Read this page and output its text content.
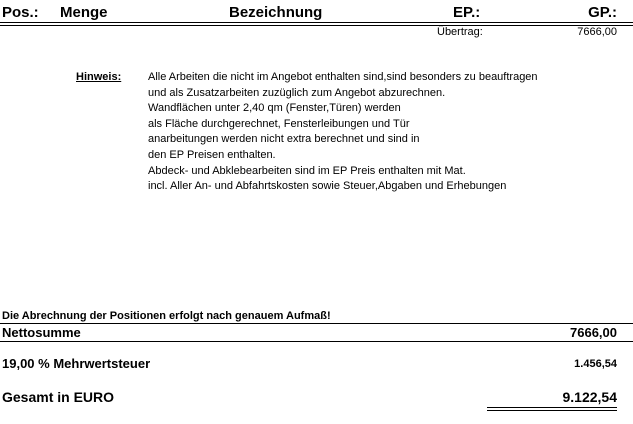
Pos.: Menge	Bezeichnung	EP.:	GP.:
Übertrag:	7666,00
Hinweis: Alle Arbeiten die nicht im Angebot enthalten sind,sind besonders zu beauftragen
und als Zusatzarbeiten zuzüglich zum Angebot abzurechnen.
Wandflächen unter 2,40 qm (Fenster,Türen) werden
als Fläche durchgerechnet, Fensterleibungen und Tür
anarbeitungen werden nicht extra berechnet und sind in
den EP Preisen enthalten.
Abdeck- und Abklebearbeiten sind im EP Preis enthalten mit Mat.
incl. Aller An- und Abfahrtskosten sowie Steuer,Abgaben und Erhebungen
Die Abrechnung der Positionen erfolgt nach genauem Aufmaß!
Nettosumme	7666,00
19,00 % Mehrwertsteuer	1.456,54
Gesamt in EURO	9.122,54
